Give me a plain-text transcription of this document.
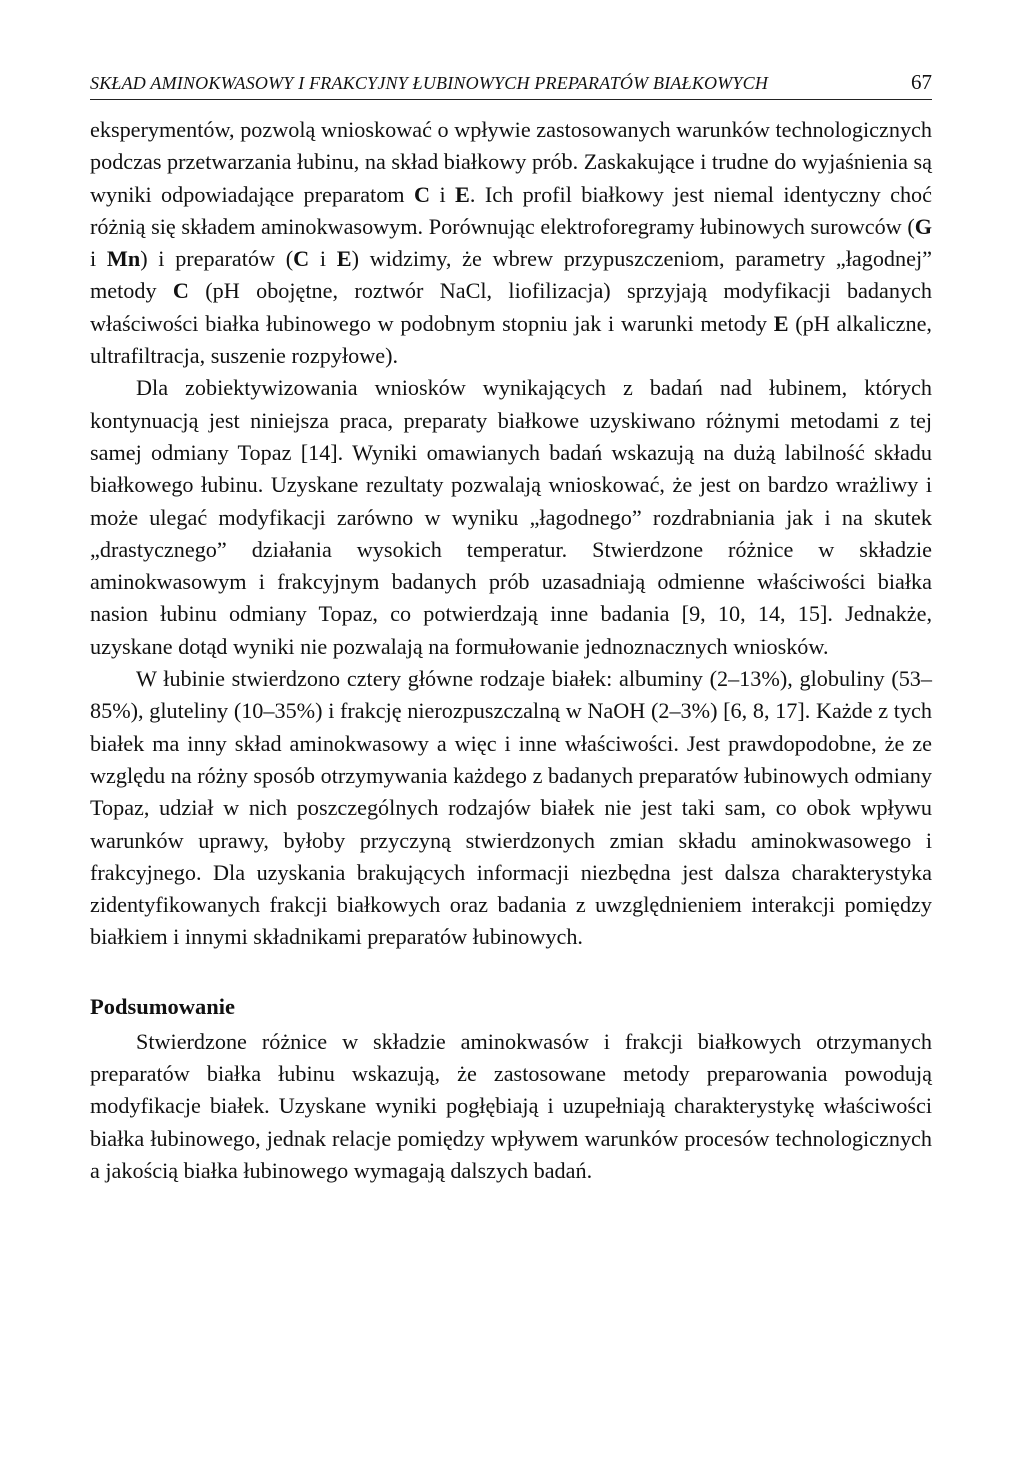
SKŁAD AMINOKWASOWY I FRAKCYJNY ŁUBINOWYCH PREPARATÓW BIAŁKOWYCH	67

eksperymentów, pozwolą wnioskować o wpływie zastosowanych warunków technologicznych podczas przetwarzania łubinu, na skład białkowy prób. Zaskakujące i trudne do wyjaśnienia są wyniki odpowiadające preparatom C i E. Ich profil białkowy jest niemal identyczny choć różnią się składem aminokwasowym. Porównując elektroforegramy łubinowych surowców (G i Mn) i preparatów (C i E) widzimy, że wbrew przypuszczeniom, parametry „łagodnej” metody C (pH obojętne, roztwór NaCl, liofilizacja) sprzyjają modyfikacji badanych właściwości białka łubinowego w podobnym stopniu jak i warunki metody E (pH alkaliczne, ultrafiltracja, suszenie rozpyłowe).

Dla zobiektywizowania wniosków wynikających z badań nad łubinem, których kontynuacją jest niniejsza praca, preparaty białkowe uzyskiwano różnymi metodami z tej samej odmiany Topaz [14]. Wyniki omawianych badań wskazują na dużą labilność składu białkowego łubinu. Uzyskane rezultaty pozwalają wnioskować, że jest on bardzo wrażliwy i może ulegać modyfikacji zarówno w wyniku „łagodnego” rozdrabniania jak i na skutek „drastycznego” działania wysokich temperatur. Stwierdzone różnice w składzie aminokwasowym i frakcyjnym badanych prób uzasadniają odmienne właściwości białka nasion łubinu odmiany Topaz, co potwierdzają inne badania [9, 10, 14, 15]. Jednakże, uzyskane dotąd wyniki nie pozwalają na formułowanie jednoznacznych wniosków.

W łubinie stwierdzono cztery główne rodzaje białek: albuminy (2–13%), globuliny (53–85%), gluteliny (10–35%) i frakcję nierozpuszczalną w NaOH (2–3%) [6, 8, 17]. Każde z tych białek ma inny skład aminokwasowy a więc i inne właściwości. Jest prawdopodobne, że ze względu na różny sposób otrzymywania każdego z badanych preparatów łubinowych odmiany Topaz, udział w nich poszczególnych rodzajów białek nie jest taki sam, co obok wpływu warunków uprawy, byłoby przyczyną stwierdzonych zmian składu aminokwasowego i frakcyjnego. Dla uzyskania brakujących informacji niezbędna jest dalsza charakterystyka zidentyfikowanych frakcji białkowych oraz badania z uwzględnieniem interakcji pomiędzy białkiem i innymi składnikami preparatów łubinowych.

Podsumowanie

Stwierdzone różnice w składzie aminokwasów i frakcji białkowych otrzymanych preparatów białka łubinu wskazują, że zastosowane metody preparowania powodują modyfikacje białek. Uzyskane wyniki pogłębiają i uzupełniają charakterystykę właściwości białka łubinowego, jednak relacje pomiędzy wpływem warunków procesów technologicznych a jakością białka łubinowego wymagają dalszych badań.
